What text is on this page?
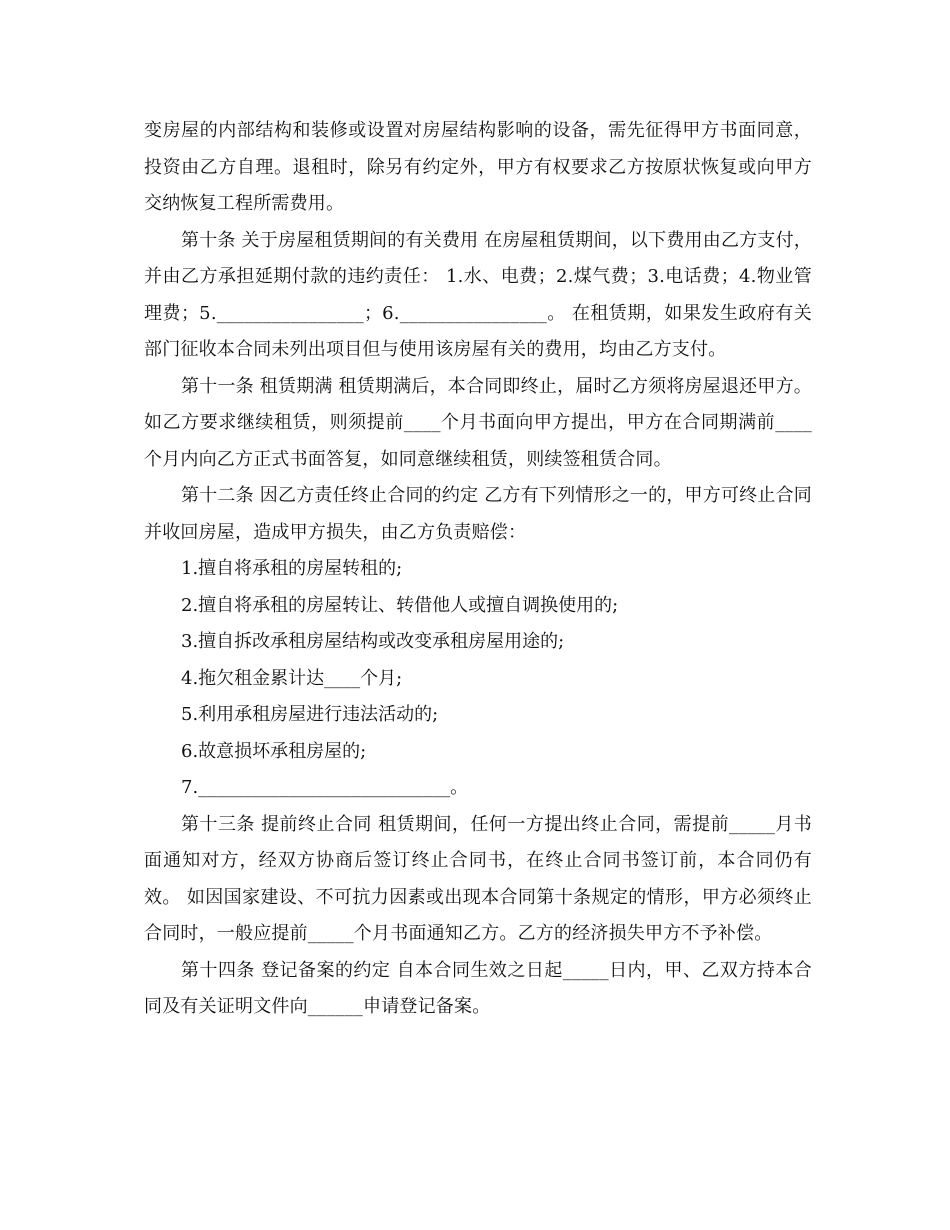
变房屋的内部结构和装修或设置对房屋结构影响的设备，需先征得甲方书面同意，投资由乙方自理。退租时，除另有约定外，甲方有权要求乙方按原状恢复或向甲方交纳恢复工程所需费用。

第十条 关于房屋租赁期间的有关费用 在房屋租赁期间，以下费用由乙方支付，并由乙方承担延期付款的违约责任： 1.水、电费；2.煤气费；3.电话费；4.物业管理费；5.________________；6.________________。 在租赁期，如果发生政府有关部门征收本合同未列出项目但与使用该房屋有关的费用，均由乙方支付。

第十一条 租赁期满 租赁期满后，本合同即终止，届时乙方须将房屋退还甲方。如乙方要求继续租赁，则须提前____个月书面向甲方提出，甲方在合同期满前____个月内向乙方正式书面答复，如同意继续租赁，则续签租赁合同。

第十二条 因乙方责任终止合同的约定 乙方有下列情形之一的，甲方可终止合同并收回房屋，造成甲方损失，由乙方负责赔偿：

1.擅自将承租的房屋转租的;

2.擅自将承租的房屋转让、转借他人或擅自调换使用的;

3.擅自拆改承租房屋结构或改变承租房屋用途的;

4.拖欠租金累计达____个月;

5.利用承租房屋进行违法活动的;

6.故意损坏承租房屋的;

7.____________________________。

第十三条 提前终止合同 租赁期间，任何一方提出终止合同，需提前_____月书面通知对方，经双方协商后签订终止合同书，在终止合同书签订前，本合同仍有效。 如因国家建设、不可抗力因素或出现本合同第十条规定的情形，甲方必须终止合同时，一般应提前_____个月书面通知乙方。乙方的经济损失甲方不予补偿。

第十四条 登记备案的约定 自本合同生效之日起_____日内，甲、乙双方持本合同及有关证明文件向______申请登记备案。
